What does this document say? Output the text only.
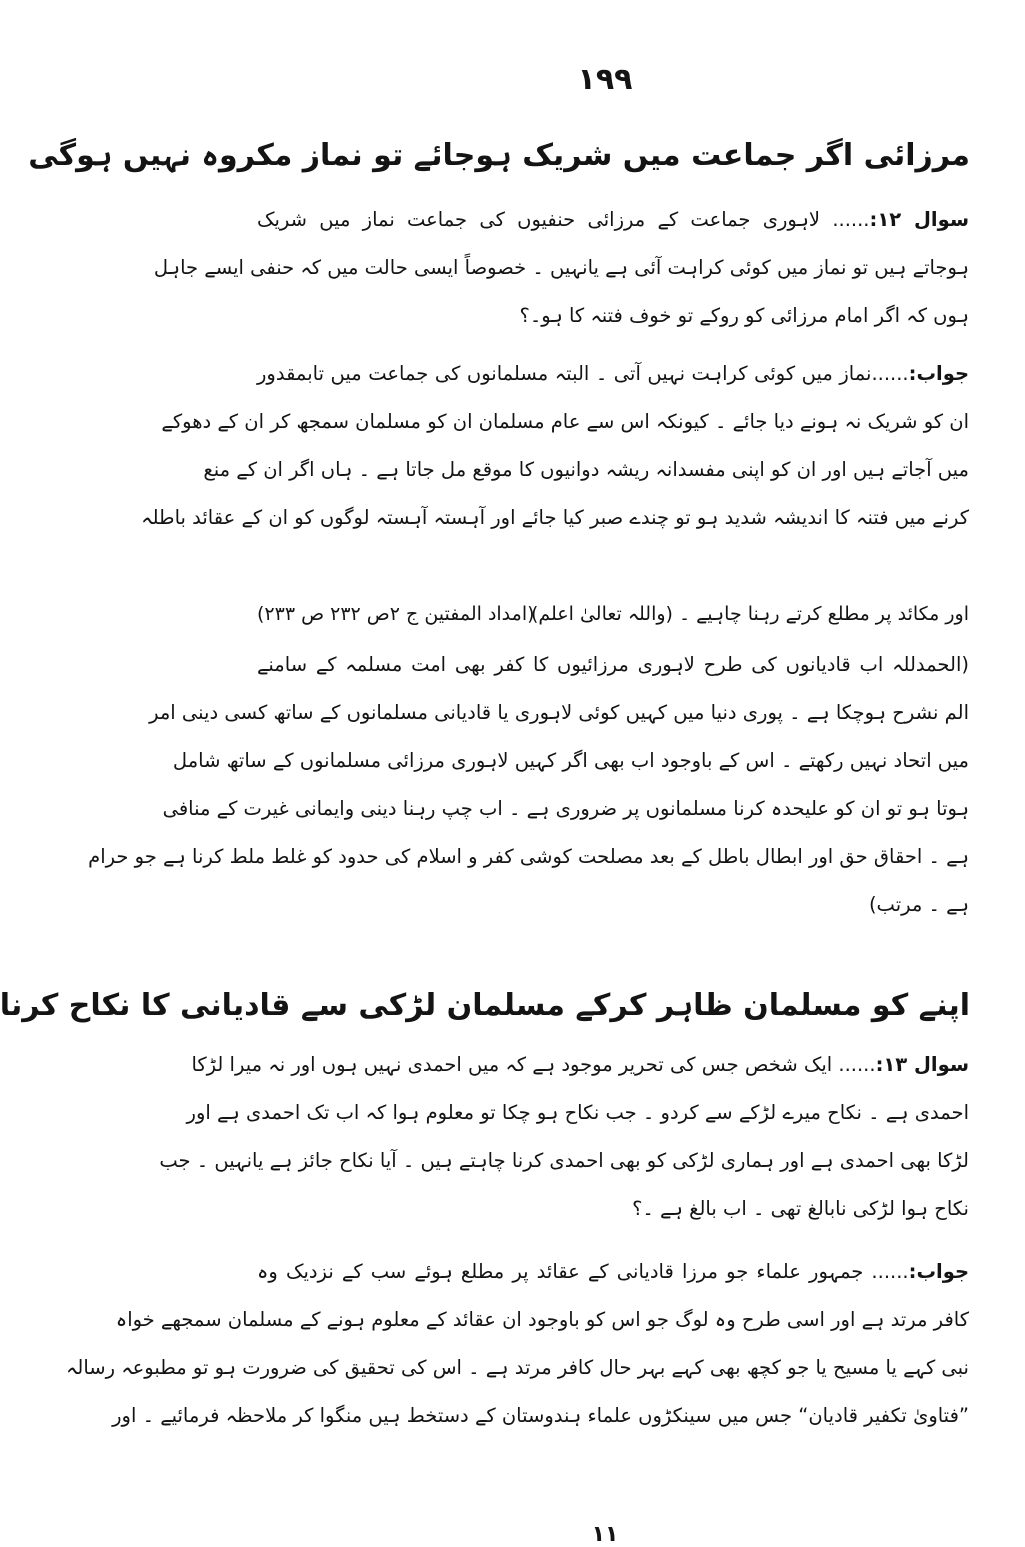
۱۹۹
مرزائی اگر جماعت میں شریک ہوجائے تو نماز مکروہ نہیں ہوگی
سوال ۱۲:...... لاہوری جماعت کے مرزائی حنفیوں کی جماعت نماز میں شریک
ہوجاتے ہیں تو نماز میں کوئی کراہت آئی ہے یانہیں ۔ خصوصاً ایسی حالت میں کہ حنفی ایسے جاہل
ہوں کہ اگر امام مرزائی کو روکے تو خوف فتنہ کا ہو۔؟
جواب:......نماز میں کوئی کراہت نہیں آتی ۔ البتہ مسلمانوں کی جماعت میں تابمقدور
ان کو شریک نہ ہونے دیا جائے ۔ کیونکہ اس سے عام مسلمان ان کو مسلمان سمجھ کر ان کے دھوکے
میں آجاتے ہیں اور ان کو اپنی مفسدانہ ریشہ دوانیوں کا موقع مل جاتا ہے ۔ ہاں اگر ان کے منع
کرنے میں فتنہ کا اندیشہ شدید ہو تو چندے صبر کیا جائے اور آہستہ آہستہ لوگوں کو ان کے عقائد باطلہ
اور مکائد پر مطلع کرتے رہنا چاہیے ۔ (واللہ تعالیٰ اعلم)
(امداد المفتین ج ۲ص ۲۳۲ ص ۲۳۳)
(الحمدللہ اب قادیانوں کی طرح لاہوری مرزائیوں کا کفر بھی امت مسلمہ کے سامنے
الم نشرح ہوچکا ہے ۔ پوری دنیا میں کہیں کوئی لاہوری یا قادیانی مسلمانوں کے ساتھ کسی دینی امر
میں اتحاد نہیں رکھتے ۔ اس کے باوجود اب بھی اگر کہیں لاہوری مرزائی مسلمانوں کے ساتھ شامل
ہوتا ہو تو ان کو علیحدہ کرنا مسلمانوں پر ضروری ہے ۔ اب چپ رہنا دینی وایمانی غیرت کے منافی
ہے ۔ احقاق حق اور ابطال باطل کے بعد مصلحت کوشی کفر و اسلام کی حدود کو غلط ملط کرنا ہے جو حرام
ہے ۔ مرتب)
اپنے کو مسلمان ظاہر کرکے مسلمان لڑکی سے قادیانی کا نکاح کرنا
سوال ۱۳:...... ایک شخص جس کی تحریر موجود ہے کہ میں احمدی نہیں ہوں اور نہ میرا لڑکا
احمدی ہے ۔ نکاح میرے لڑکے سے کردو ۔ جب نکاح ہو چکا تو معلوم ہوا کہ اب تک احمدی ہے اور
لڑکا بھی احمدی ہے اور ہماری لڑکی کو بھی احمدی کرنا چاہتے ہیں ۔ آیا نکاح جائز ہے یانہیں ۔ جب
نکاح ہوا لڑکی نابالغ تھی ۔ اب بالغ ہے ۔؟
جواب:...... جمہور علماء جو مرزا قادیانی کے عقائد پر مطلع ہوئے سب کے نزدیک وہ
کافر مرتد ہے اور اسی طرح وہ لوگ جو اس کو باوجود ان عقائد کے معلوم ہونے کے مسلمان سمجھے خواہ
نبی کہے یا مسیح یا جو کچھ بھی کہے بہر حال کافر مرتد ہے ۔ اس کی تحقیق کی ضرورت ہو تو مطبوعہ رسالہ
”فتاویٰ تکفیر قادیان“ جس میں سینکڑوں علماء ہندوستان کے دستخط ہیں منگوا کر ملاحظہ فرمائیے ۔ اور
۱۱
